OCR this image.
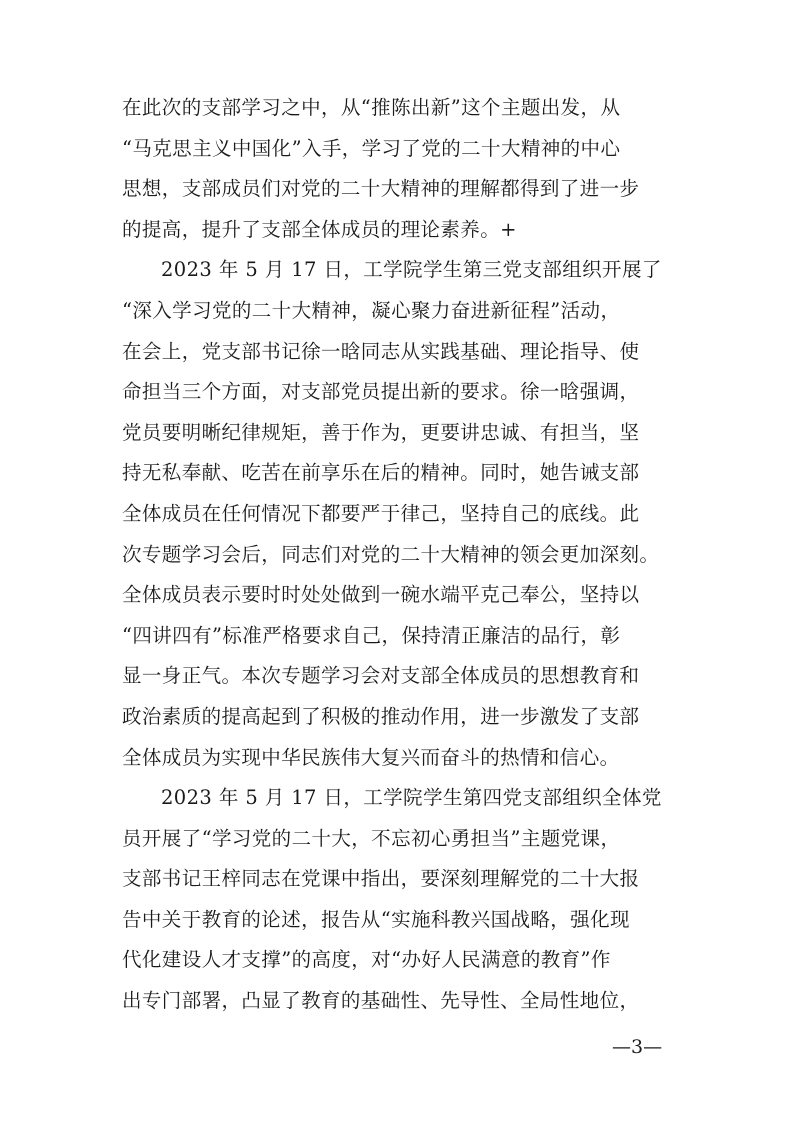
在此次的支部学习之中，从“推陈出新”这个主题出发，从
“马克思主义中国化”入手，学习了党的二十大精神的中心
思想，支部成员们对党的二十大精神的理解都得到了进一步
的提高，提升了支部全体成员的理论素养。+
2023 年 5 月 17 日，工学院学生第三党支部组织开展了
“深入学习党的二十大精神，凝心聚力奋进新征程”活动，
在会上，党支部书记徐一晗同志从实践基础、理论指导、使
命担当三个方面，对支部党员提出新的要求。徐一晗强调，
党员要明晰纪律规矩，善于作为，更要讲忠诚、有担当，坚
持无私奉献、吃苦在前享乐在后的精神。同时，她告诫支部
全体成员在任何情况下都要严于律己，坚持自己的底线。此
次专题学习会后，同志们对党的二十大精神的领会更加深刻。
全体成员表示要时时处处做到一碗水端平克己奉公，坚持以
“四讲四有”标准严格要求自己，保持清正廉洁的品行，彰
显一身正气。本次专题学习会对支部全体成员的思想教育和
政治素质的提高起到了积极的推动作用，进一步激发了支部
全体成员为实现中华民族伟大复兴而奋斗的热情和信心。
2023 年 5 月 17 日，工学院学生第四党支部组织全体党
员开展了“学习党的二十大，不忘初心勇担当”主题党课，
支部书记王梓同志在党课中指出，要深刻理解党的二十大报
告中关于教育的论述，报告从“实施科教兴国战略，强化现
代化建设人才支撑”的高度，对“办好人民满意的教育”作
出专门部署，凸显了教育的基础性、先导性、全局性地位，
—3—
